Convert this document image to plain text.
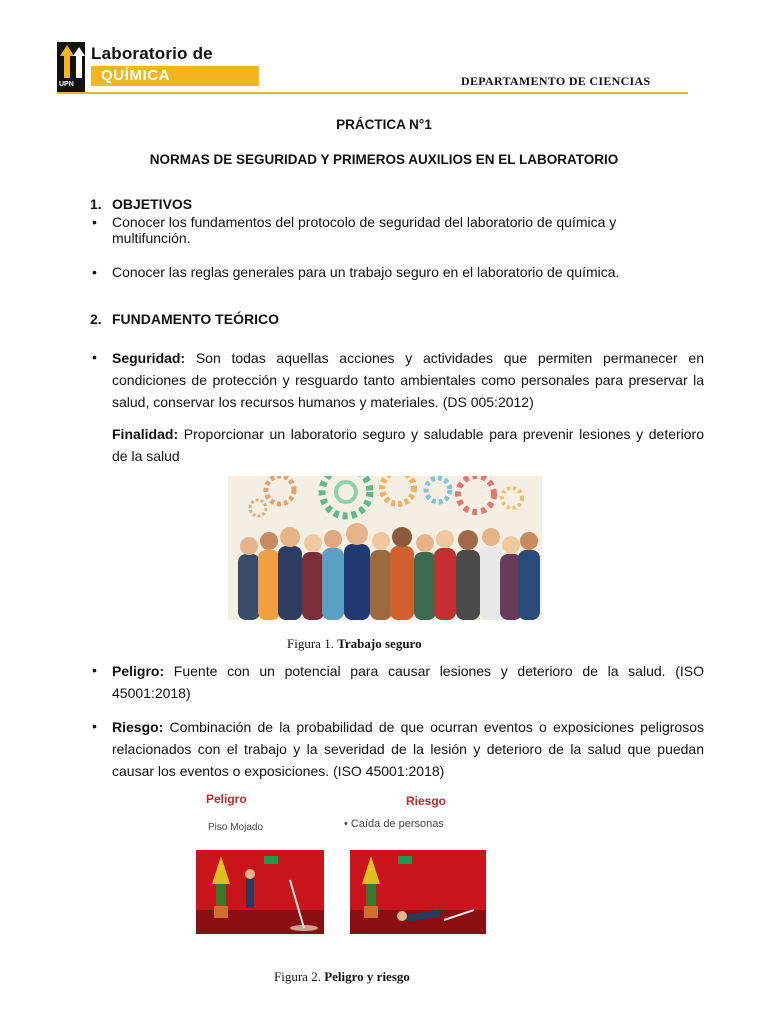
UPN
Laboratorio de
QUÍMICA	DEPARTAMENTO DE CIENCIAS
PRÁCTICA N°1
NORMAS DE SEGURIDAD Y PRIMEROS AUXILIOS EN EL LABORATORIO
1. OBJETIVOS
• Conocer los fundamentos del protocolo de seguridad del laboratorio de química y multifunción.
• Conocer las reglas generales para un trabajo seguro en el laboratorio de química.
2. FUNDAMENTO TEÓRICO
• Seguridad: Son todas aquellas acciones y actividades que permiten permanecer en condiciones de protección y resguardo tanto ambientales como personales para preservar la salud, conservar los recursos humanos y materiales. (DS 005:2012)
Finalidad: Proporcionar un laboratorio seguro y saludable para prevenir lesiones y deterioro de la salud
Figura 1. Trabajo seguro
• Peligro: Fuente con un potencial para causar lesiones y deterioro de la salud. (ISO 45001:2018)
• Riesgo: Combinación de la probabilidad de que ocurran eventos o exposiciones peligrosos relacionados con el trabajo y la severidad de la lesión y deterioro de la salud que puedan causar los eventos o exposiciones. (ISO 45001:2018)
Peligro
Piso Mojado
Riesgo
• Caída de personas
Figura 2. Peligro y riesgo
